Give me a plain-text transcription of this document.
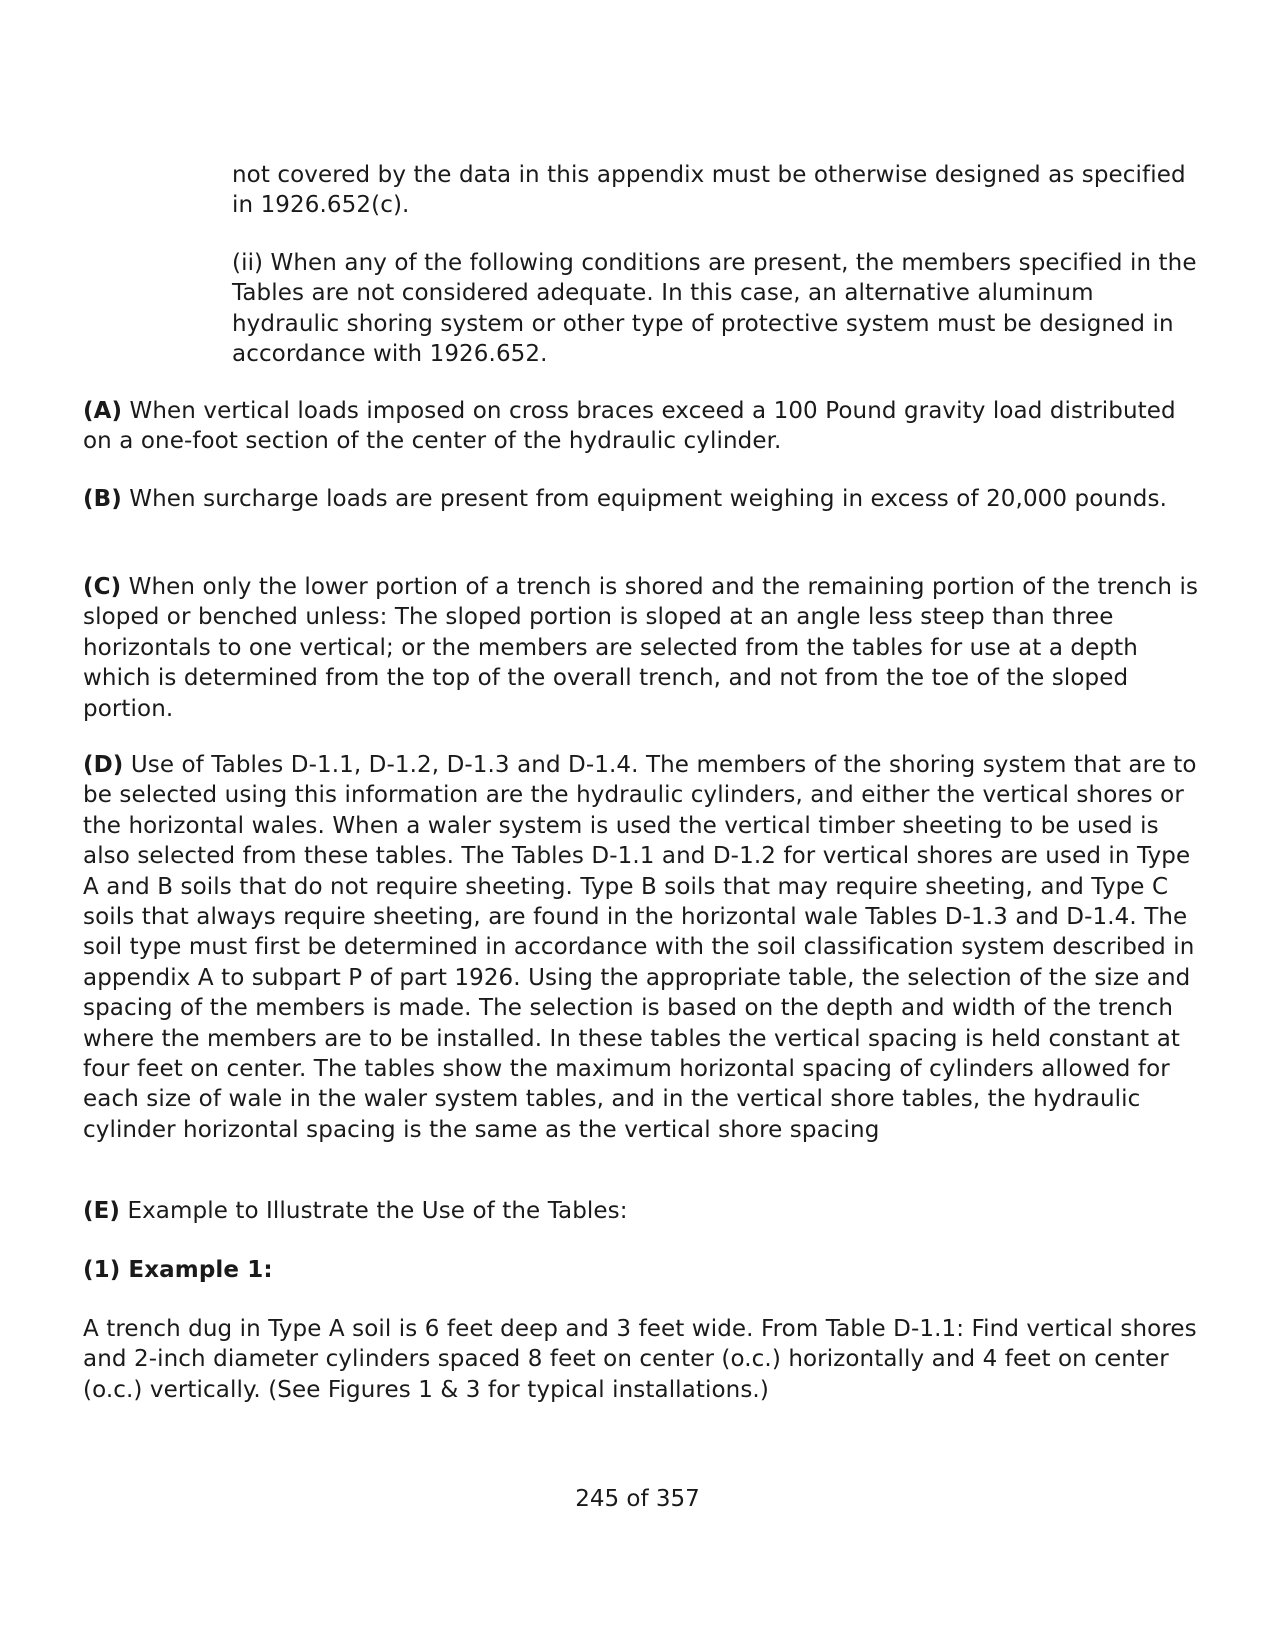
not covered by the data in this appendix must be otherwise designed as specified in 1926.652(c).

(ii) When any of the following conditions are present, the members specified in the Tables are not considered adequate. In this case, an alternative aluminum hydraulic shoring system or other type of protective system must be designed in accordance with 1926.652.

(A) When vertical loads imposed on cross braces exceed a 100 Pound gravity load distributed on a one-foot section of the center of the hydraulic cylinder.

(B) When surcharge loads are present from equipment weighing in excess of 20,000 pounds.

(C) When only the lower portion of a trench is shored and the remaining portion of the trench is sloped or benched unless: The sloped portion is sloped at an angle less steep than three horizontals to one vertical; or the members are selected from the tables for use at a depth which is determined from the top of the overall trench, and not from the toe of the sloped portion.

(D) Use of Tables D-1.1, D-1.2, D-1.3 and D-1.4. The members of the shoring system that are to be selected using this information are the hydraulic cylinders, and either the vertical shores or the horizontal wales. When a waler system is used the vertical timber sheeting to be used is also selected from these tables. The Tables D-1.1 and D-1.2 for vertical shores are used in Type A and B soils that do not require sheeting. Type B soils that may require sheeting, and Type C soils that always require sheeting, are found in the horizontal wale Tables D-1.3 and D-1.4. The soil type must first be determined in accordance with the soil classification system described in appendix A to subpart P of part 1926. Using the appropriate table, the selection of the size and spacing of the members is made. The selection is based on the depth and width of the trench where the members are to be installed. In these tables the vertical spacing is held constant at four feet on center. The tables show the maximum horizontal spacing of cylinders allowed for each size of wale in the waler system tables, and in the vertical shore tables, the hydraulic cylinder horizontal spacing is the same as the vertical shore spacing

(E) Example to Illustrate the Use of the Tables:

(1) Example 1:

A trench dug in Type A soil is 6 feet deep and 3 feet wide. From Table D-1.1: Find vertical shores and 2-inch diameter cylinders spaced 8 feet on center (o.c.) horizontally and 4 feet on center (o.c.) vertically. (See Figures 1 & 3 for typical installations.)

245 of 357
